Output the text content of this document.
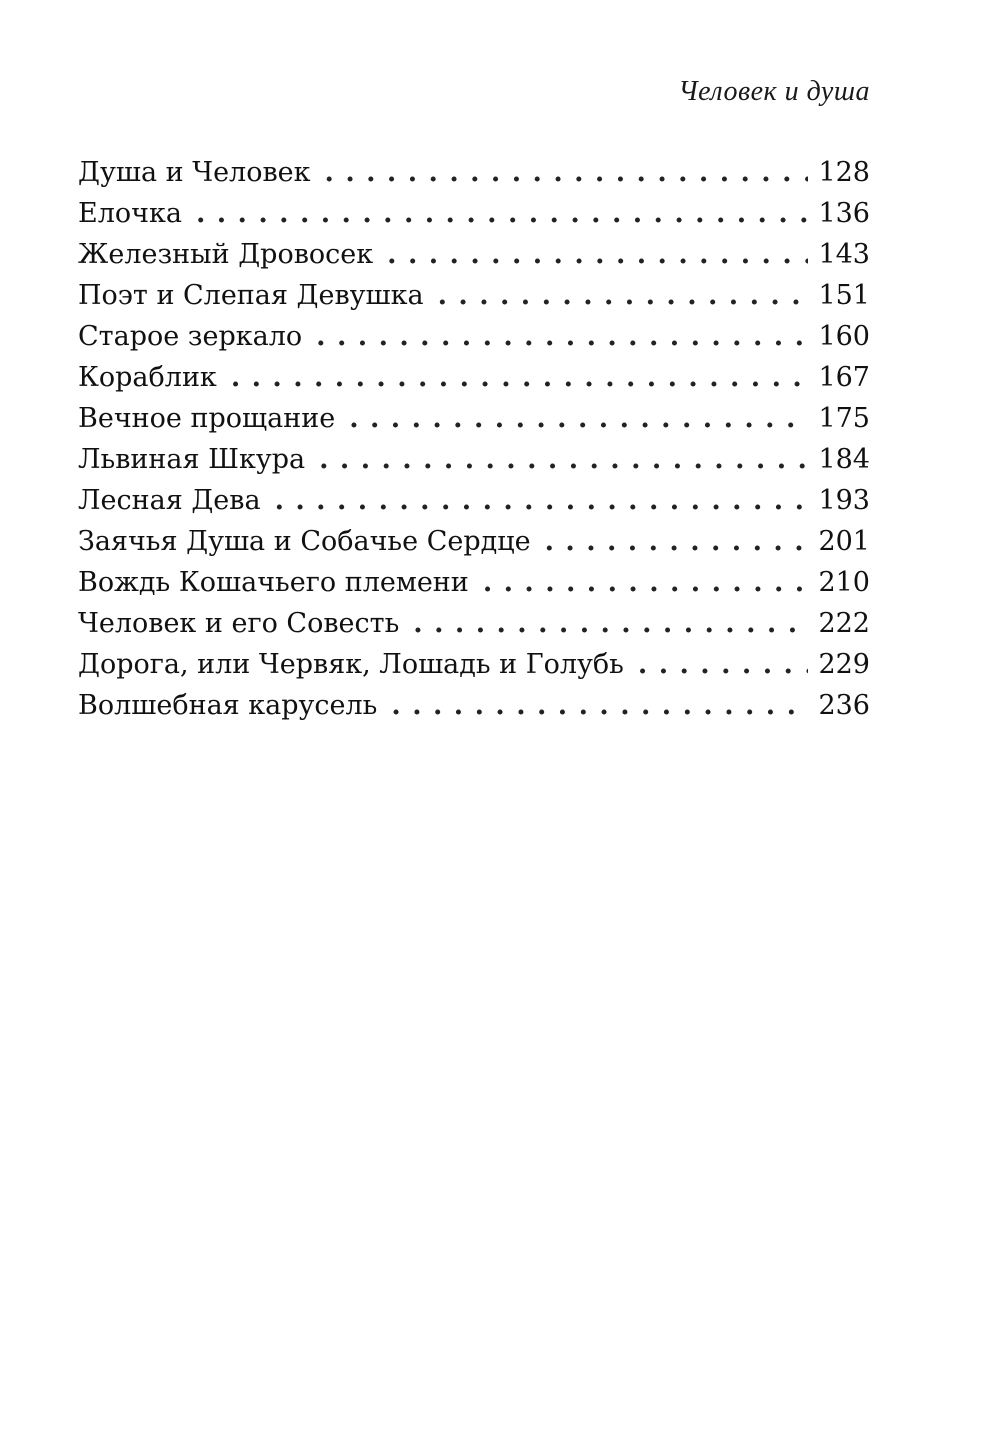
Человек и душа
Душа и Человек . . .	128
Елочка . . .	136
Железный Дровосек . . .	143
Поэт и Слепая Девушка . . .	151
Старое зеркало . . .	160
Кораблик . . .	167
Вечное прощание . . .	175
Львиная Шкура . . .	184
Лесная Дева . . .	193
Заячья Душа и Собачье Сердце . . .	201
Вождь Кошачьего племени . . .	210
Человек и его Совесть . . .	222
Дорога, или Червяк, Лошадь и Голубь . . .	229
Волшебная карусель . . .	236
